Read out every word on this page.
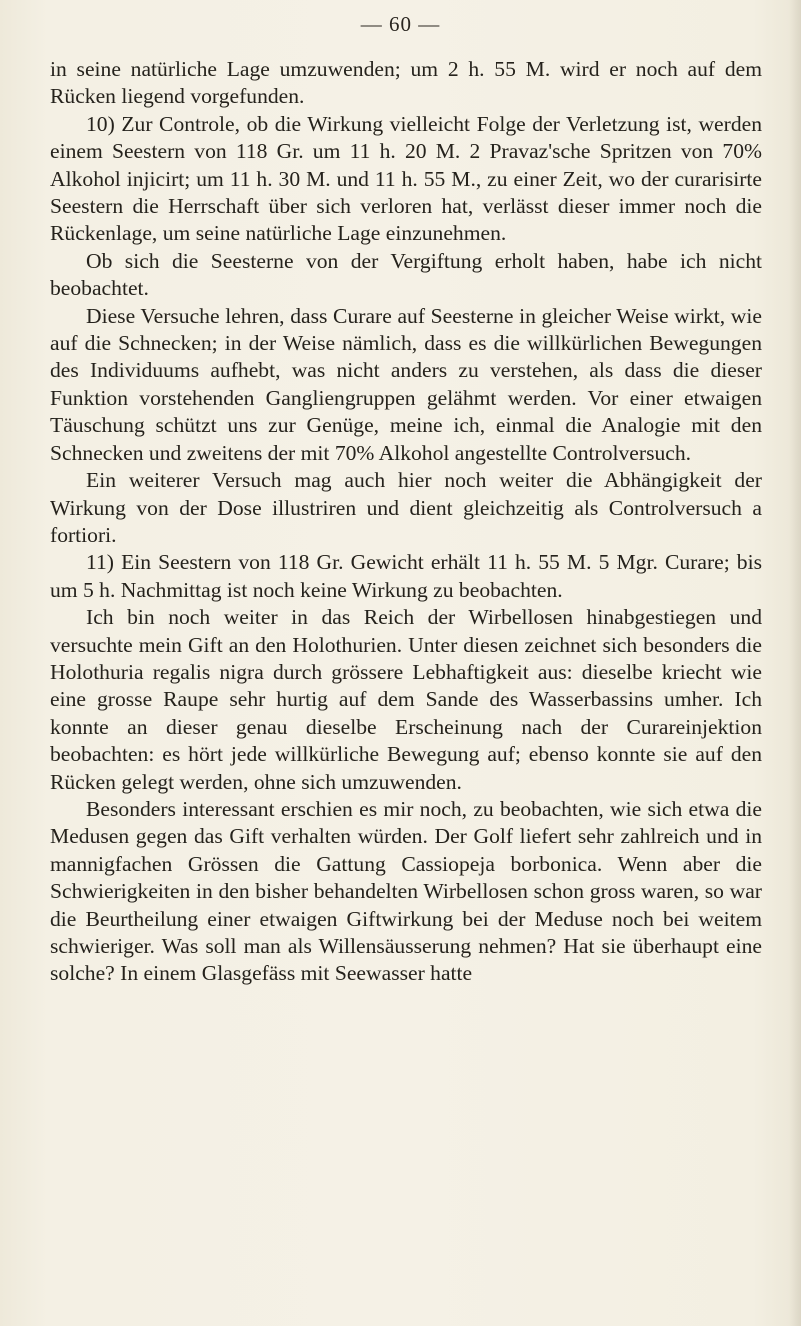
— 60 —

in seine natürliche Lage umzuwenden; um 2 h. 55 M. wird er noch auf dem Rücken liegend vorgefunden.

10) Zur Controle, ob die Wirkung vielleicht Folge der Verletzung ist, werden einem Seestern von 118 Gr. um 11 h. 20 M. 2 Pravaz'sche Spritzen von 70% Alkohol injicirt; um 11 h. 30 M. und 11 h. 55 M., zu einer Zeit, wo der curarisirte Seestern die Herrschaft über sich verloren hat, verlässt dieser immer noch die Rückenlage, um seine natürliche Lage einzunehmen.

Ob sich die Seesterne von der Vergiftung erholt haben, habe ich nicht beobachtet.

Diese Versuche lehren, dass Curare auf Seesterne in gleicher Weise wirkt, wie auf die Schnecken; in der Weise nämlich, dass es die willkürlichen Bewegungen des Individuums aufhebt, was nicht anders zu verstehen, als dass die dieser Funktion vorstehenden Gangliengruppen gelähmt werden. Vor einer etwaigen Täuschung schützt uns zur Genüge, meine ich, einmal die Analogie mit den Schnecken und zweitens der mit 70% Alkohol angestellte Controlversuch.

Ein weiterer Versuch mag auch hier noch weiter die Abhängigkeit der Wirkung von der Dose illustriren und dient gleichzeitig als Controlversuch a fortiori.

11) Ein Seestern von 118 Gr. Gewicht erhält 11 h. 55 M. 5 Mgr. Curare; bis um 5 h. Nachmittag ist noch keine Wirkung zu beobachten.

Ich bin noch weiter in das Reich der Wirbellosen hinabgestiegen und versuchte mein Gift an den Holothurien. Unter diesen zeichnet sich besonders die Holothuria regalis nigra durch grössere Lebhaftigkeit aus: dieselbe kriecht wie eine grosse Raupe sehr hurtig auf dem Sande des Wasserbassins umher. Ich konnte an dieser genau dieselbe Erscheinung nach der Curareinjektion beobachten: es hört jede willkürliche Bewegung auf; ebenso konnte sie auf den Rücken gelegt werden, ohne sich umzuwenden.

Besonders interessant erschien es mir noch, zu beobachten, wie sich etwa die Medusen gegen das Gift verhalten würden. Der Golf liefert sehr zahlreich und in mannigfachen Grössen die Gattung Cassiopeja borbonica. Wenn aber die Schwierigkeiten in den bisher behandelten Wirbellosen schon gross waren, so war die Beurtheilung einer etwaigen Giftwirkung bei der Meduse noch bei weitem schwieriger. Was soll man als Willensäusserung nehmen? Hat sie überhaupt eine solche? In einem Glasgefäss mit Seewasser hatte
